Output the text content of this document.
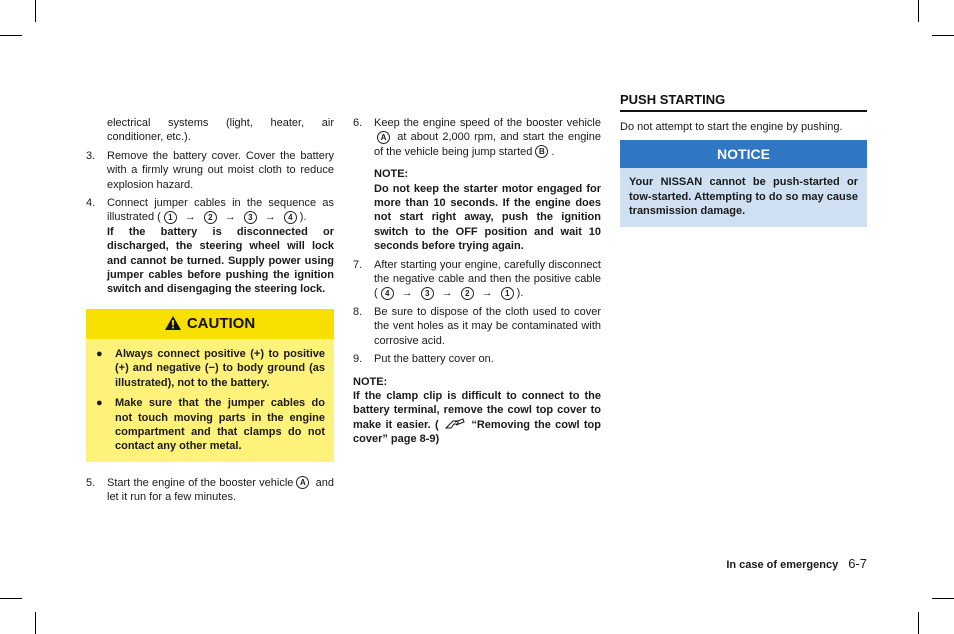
electrical systems (light, heater, air conditioner, etc.).
3. Remove the battery cover. Cover the battery with a firmly wrung out moist cloth to reduce explosion hazard.
4. Connect jumper cables in the sequence as illustrated ( 1 → 2 → 3 → 4 ).
If the battery is disconnected or discharged, the steering wheel will lock and cannot be turned. Supply power using jumper cables before pushing the ignition switch and disengaging the steering lock.
CAUTION
● Always connect positive (+) to positive (+) and negative (−) to body ground (as illustrated), not to the battery.
● Make sure that the jumper cables do not touch moving parts in the engine compartment and that clamps do not contact any other metal.
5. Start the engine of the booster vehicle A and let it run for a few minutes.
6. Keep the engine speed of the booster vehicleA at about 2,000 rpm, and start the engine of the vehicle being jump started B .
NOTE:
Do not keep the starter motor engaged for more than 10 seconds. If the engine does not start right away, push the ignition switch to the OFF position and wait 10 seconds before trying again.
7. After starting your engine, carefully disconnect the negative cable and then the positive cable ( 4 → 3 → 2 → 1 ).
8. Be sure to dispose of the cloth used to cover the vent holes as it may be contaminated with corrosive acid.
9. Put the battery cover on.
NOTE:
If the clamp clip is difficult to connect to the battery terminal, remove the cowl top cover to make it easier. (	“Removing the cowl top cover” page 8-9)
PUSH STARTING
Do not attempt to start the engine by pushing.
NOTICE
Your NISSAN cannot be push-started or tow-started. Attempting to do so may cause transmission damage.
In case of emergency 6-7
